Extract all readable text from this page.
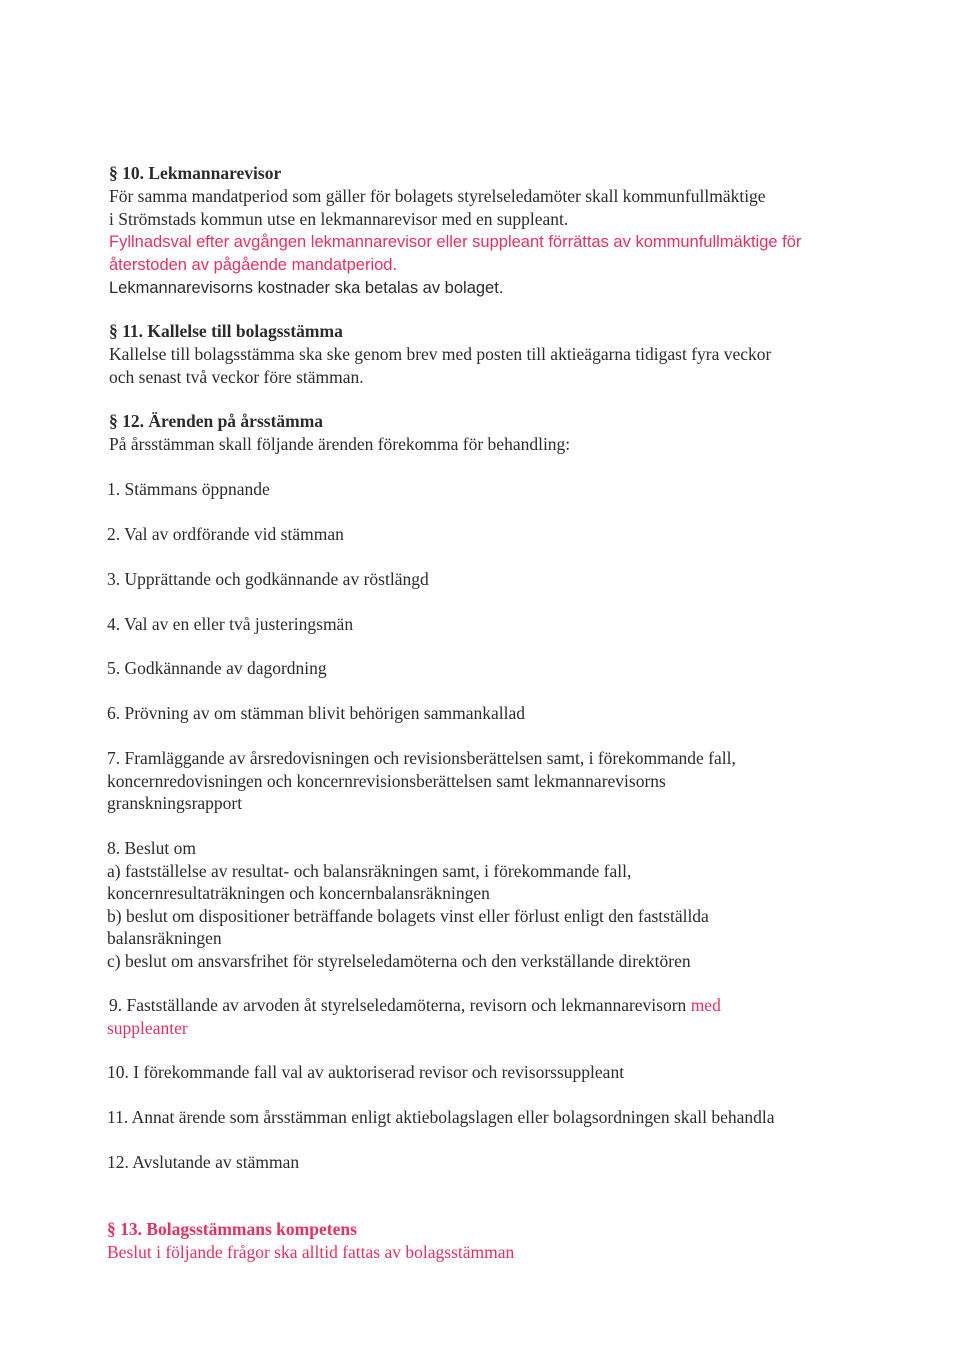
§ 10. Lekmannarevisor
För samma mandatperiod som gäller för bolagets styrelseledamöter skall kommunfullmäktige
i Strömstads kommun utse en lekmannarevisor med en suppleant.
Fyllnadsval efter avgången lekmannarevisor eller suppleant förrättas av kommunfullmäktige för
återstoden av pågående mandatperiod.
Lekmannarevisorns kostnader ska betalas av bolaget.
§ 11. Kallelse till bolagsstämma
Kallelse till bolagsstämma ska ske genom brev med posten till aktieägarna tidigast fyra veckor
och senast två veckor före stämman.
§ 12. Ärenden på årsstämma
På årsstämman skall följande ärenden förekomma för behandling:
1. Stämmans öppnande
2. Val av ordförande vid stämman
3. Upprättande och godkännande av röstlängd
4. Val av en eller två justeringsmän
5. Godkännande av dagordning
6. Prövning av om stämman blivit behörigen sammankallad
7. Framläggande av årsredovisningen och revisionsberättelsen samt, i förekommande fall,
koncernredovisningen och koncernrevisionsberättelsen samt lekmannarevisorns
granskningsrapport
8. Beslut om
a) fastställelse av resultat- och balansräkningen samt, i förekommande fall,
koncernresultaträkningen och koncernbalansräkningen
b) beslut om dispositioner beträffande bolagets vinst eller förlust enligt den fastställda
balansräkningen
c) beslut om ansvarsfrihet för styrelseledamöterna och den verkställande direktören
9. Fastställande av arvoden åt styrelseledamöterna, revisorn och lekmannarevisorn med
suppleanter
10. I förekommande fall val av auktoriserad revisor och revisorssuppleant
11. Annat ärende som årsstämman enligt aktiebolagslagen eller bolagsordningen skall behandla
12. Avslutande av stämman
§ 13. Bolagsstämmans kompetens
Beslut i följande frågor ska alltid fattas av bolagsstämman
